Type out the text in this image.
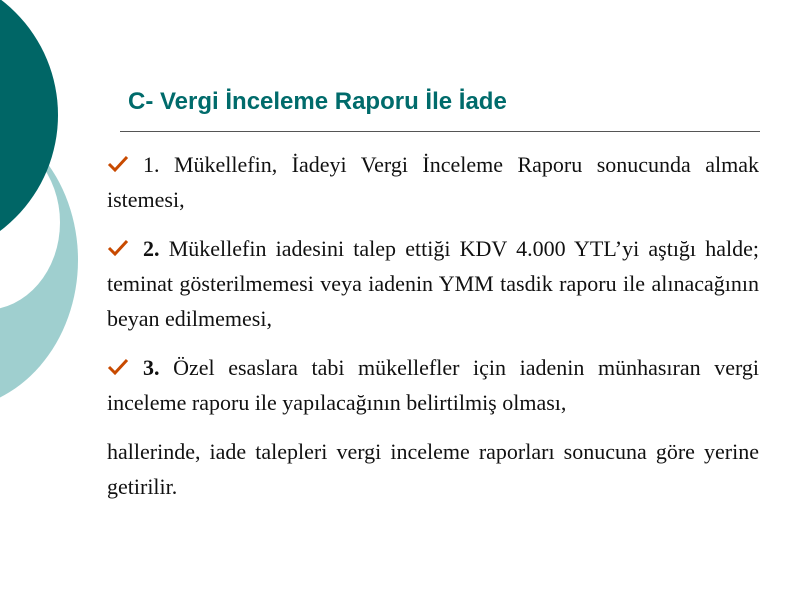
C- Vergi İnceleme Raporu İle İade

1. Mükellefin, İadeyi Vergi İnceleme Raporu sonucunda almak istemesi,

2. Mükellefin iadesini talep ettiği KDV 4.000 YTL’yi aştığı halde; teminat gösterilmemesi veya iadenin YMM tasdik raporu ile alınacağının beyan edilmemesi,

3. Özel esaslara tabi mükellefler için iadenin münhasıran vergi inceleme raporu ile yapılacağının belirtilmiş olması,

hallerinde, iade talepleri vergi inceleme raporları sonucuna göre yerine getirilir.
